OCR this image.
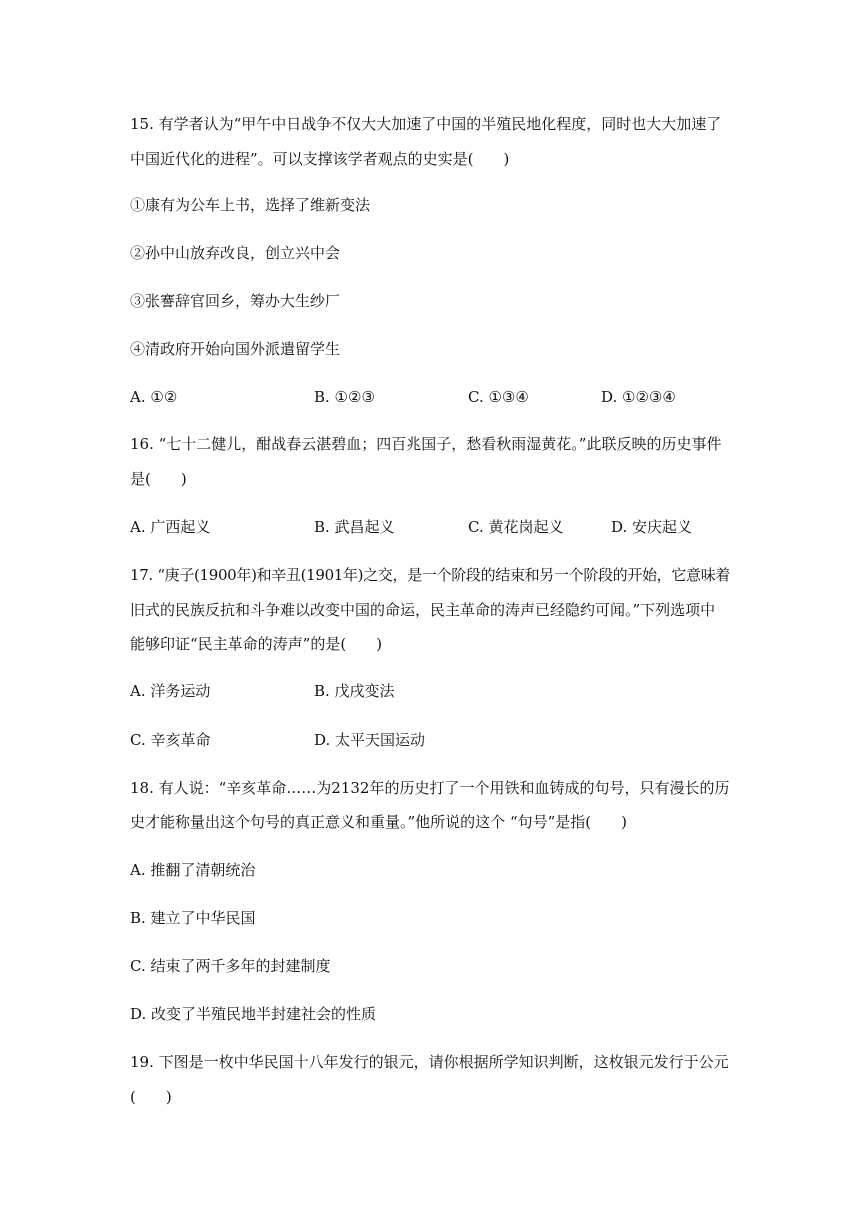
15. 有学者认为“甲午中日战争不仅大大加速了中国的半殖民地化程度，同时也大大加速了
中国近代化的进程”。可以支撑该学者观点的史实是(　　)
①康有为公车上书，选择了维新变法
②孙中山放弃改良，创立兴中会
③张謇辞官回乡，筹办大生纱厂
④清政府开始向国外派遣留学生
A. ①②	B. ①②③	C. ①③④	D. ①②③④
16. “七十二健儿，酣战春云湛碧血；四百兆国子，愁看秋雨湿黄花。”此联反映的历史事件
是(　　)
A. 广西起义	B. 武昌起义	C. 黄花岗起义	D. 安庆起义
17. “庚子(1900年)和辛丑(1901年)之交，是一个阶段的结束和另一个阶段的开始，它意味着
旧式的民族反抗和斗争难以改变中国的命运，民主革命的涛声已经隐约可闻。”下列选项中
能够印证“民主革命的涛声”的是(　　)
A. 洋务运动	B. 戊戌变法
C. 辛亥革命	D. 太平天国运动
18. 有人说：“辛亥革命……为2132年的历史打了一个用铁和血铸成的句号，只有漫长的历
史才能称量出这个句号的真正意义和重量。”他所说的这个 “句号”是指(　　)
A. 推翻了清朝统治
B. 建立了中华民国
C. 结束了两千多年的封建制度
D. 改变了半殖民地半封建社会的性质
19. 下图是一枚中华民国十八年发行的银元，请你根据所学知识判断，这枚银元发行于公元
(　　)
